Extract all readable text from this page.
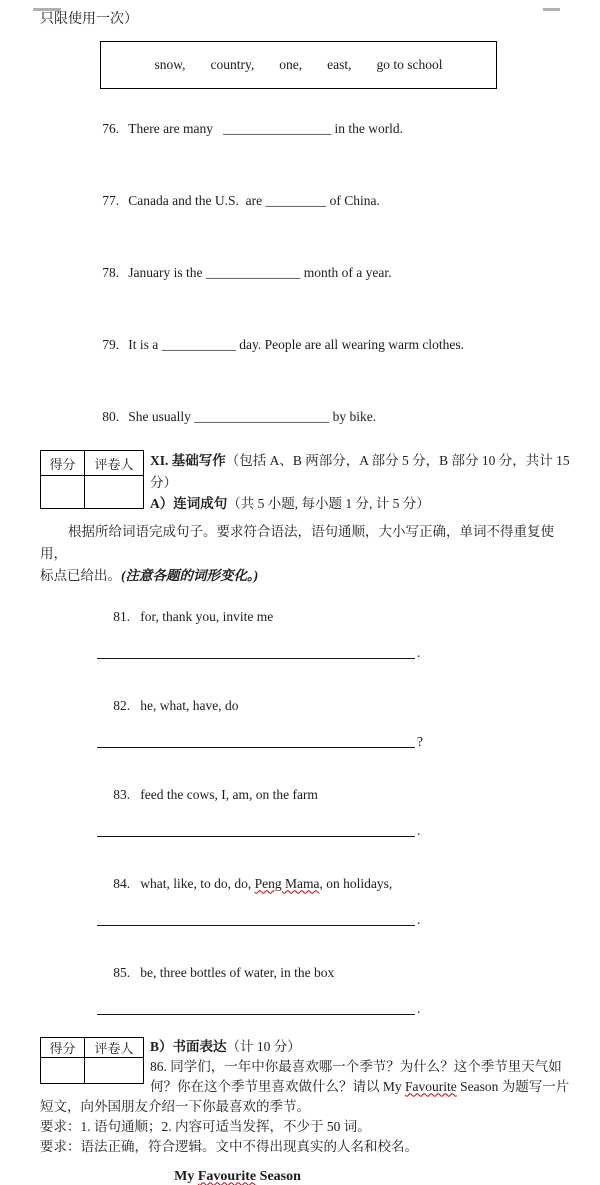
只限使用一次）
snow, country, one, east, go to school

76. There are many   ________________ in the world.

77. Canada and the U.S.  are _________ of China.

78. January is the ______________ month of a year.

79. It is a ___________ day. People are all wearing warm clothes.

80. She usually ____________________ by bike.

得分	评卷人
	XI. 基础写作（包括 A、B 两部分，A 部分 5 分，B 部分 10 分，共计 15
分）
A）连词成句（共 5 小题, 每小题 1 分, 计 5 分）
根据所给词语完成句子。要求符合语法，语句通顺，大小写正确，单词不得重复使用，
标点已给出。(注意各题的词形变化。)

81. for, thank you, invite me

.

82. he, what, have, do

?

83. feed the cows, I, am, on the farm

.

84. what, like, to do, do, Peng Mama, on holidays,

.

85. be, three bottles of water, in the box

.
得分	评卷人
	B）书面表达（计 10 分）
86. 同学们，一年中你最喜欢哪一个季节？为什么？这个季节里天气如
何？你在这个季节里喜欢做什么？请以 My Favourite Season 为题写一片
短文，向外国朋友介绍一下你最喜欢的季节。
要求：1. 语句通顺；2. 内容可适当发挥，不少于 50 词。
要求：语法正确，符合逻辑。文中不得出现真实的人名和校名。
My Favourite Season
